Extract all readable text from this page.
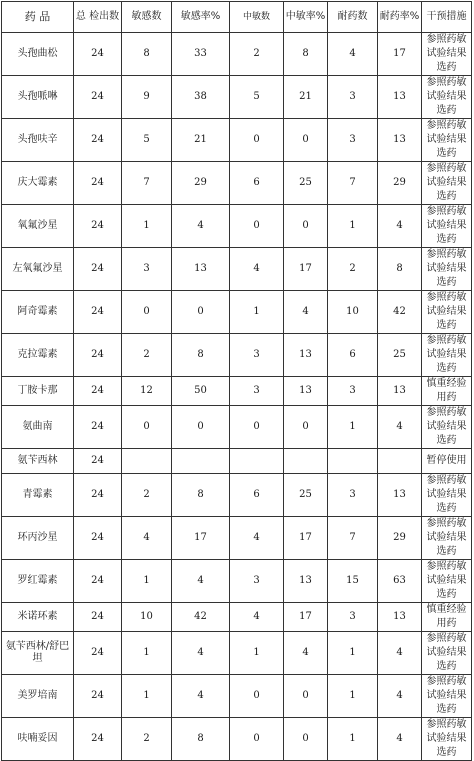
药 品	总 检出数	敏感数	敏感率%	中敏数	中敏率%	耐药数	耐药率%	干预措施
头孢曲松	24	8	33	2	8	4	17	参照药敏试验结果选药
头孢哌啉	24	9	38	5	21	3	13	参照药敏试验结果选药
头孢呋辛	24	5	21	0	0	3	13	参照药敏试验结果选药
庆大霉素	24	7	29	6	25	7	29	参照药敏试验结果选药
氧氟沙星	24	1	4	0	0	1	4	参照药敏试验结果选药
左氧氟沙星	24	3	13	4	17	2	8	参照药敏试验结果选药
阿奇霉素	24	0	0	1	4	10	42	参照药敏试验结果选药
克拉霉素	24	2	8	3	13	6	25	参照药敏试验结果选药
丁胺卡那	24	12	50	3	13	3	13	慎重经验用药
氨曲南	24	0	0	0	0	1	4	参照药敏试验结果选药
氨苄西林	24							暂停使用
青霉素	24	2	8	6	25	3	13	参照药敏试验结果选药
环丙沙星	24	4	17	4	17	7	29	参照药敏试验结果选药
罗红霉素	24	1	4	3	13	15	63	参照药敏试验结果选药
米诺环素	24	10	42	4	17	3	13	慎重经验用药
氨苄西林/舒巴坦	24	1	4	1	4	1	4	参照药敏试验结果选药
美罗培南	24	1	4	0	0	1	4	参照药敏试验结果选药
呋喃妥因	24	2	8	0	0	1	4	参照药敏试验结果选药
